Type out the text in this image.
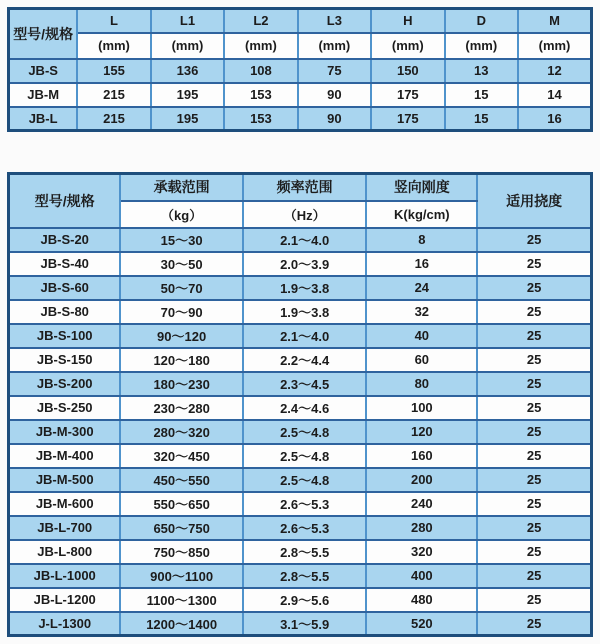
型号/规格	L	L1	L2	L3	H	D	M
	(mm)	(mm)	(mm)	(mm)	(mm)	(mm)	(mm)
JB-S	155	136	108	75	150	13	12
JB-M	215	195	153	90	175	15	14
JB-L	215	195	153	90	175	15	16
型号/规格	承载范围	频率范围	竖向刚度	适用挠度
	（kg）	（Hz）	K(kg/cm)	
JB-S-20	15～30	2.1～4.0	8	25
JB-S-40	30～50	2.0～3.9	16	25
JB-S-60	50～70	1.9～3.8	24	25
JB-S-80	70～90	1.9～3.8	32	25
JB-S-100	90～120	2.1～4.0	40	25
JB-S-150	120～180	2.2～4.4	60	25
JB-S-200	180～230	2.3～4.5	80	25
JB-S-250	230～280	2.4～4.6	100	25
JB-M-300	280～320	2.5～4.8	120	25
JB-M-400	320～450	2.5～4.8	160	25
JB-M-500	450～550	2.5～4.8	200	25
JB-M-600	550～650	2.6～5.3	240	25
JB-L-700	650～750	2.6～5.3	280	25
JB-L-800	750～850	2.8～5.5	320	25
JB-L-1000	900～1100	2.8～5.5	400	25
JB-L-1200	1100～1300	2.9～5.6	480	25
J-L-1300	1200～1400	3.1～5.9	520	25
